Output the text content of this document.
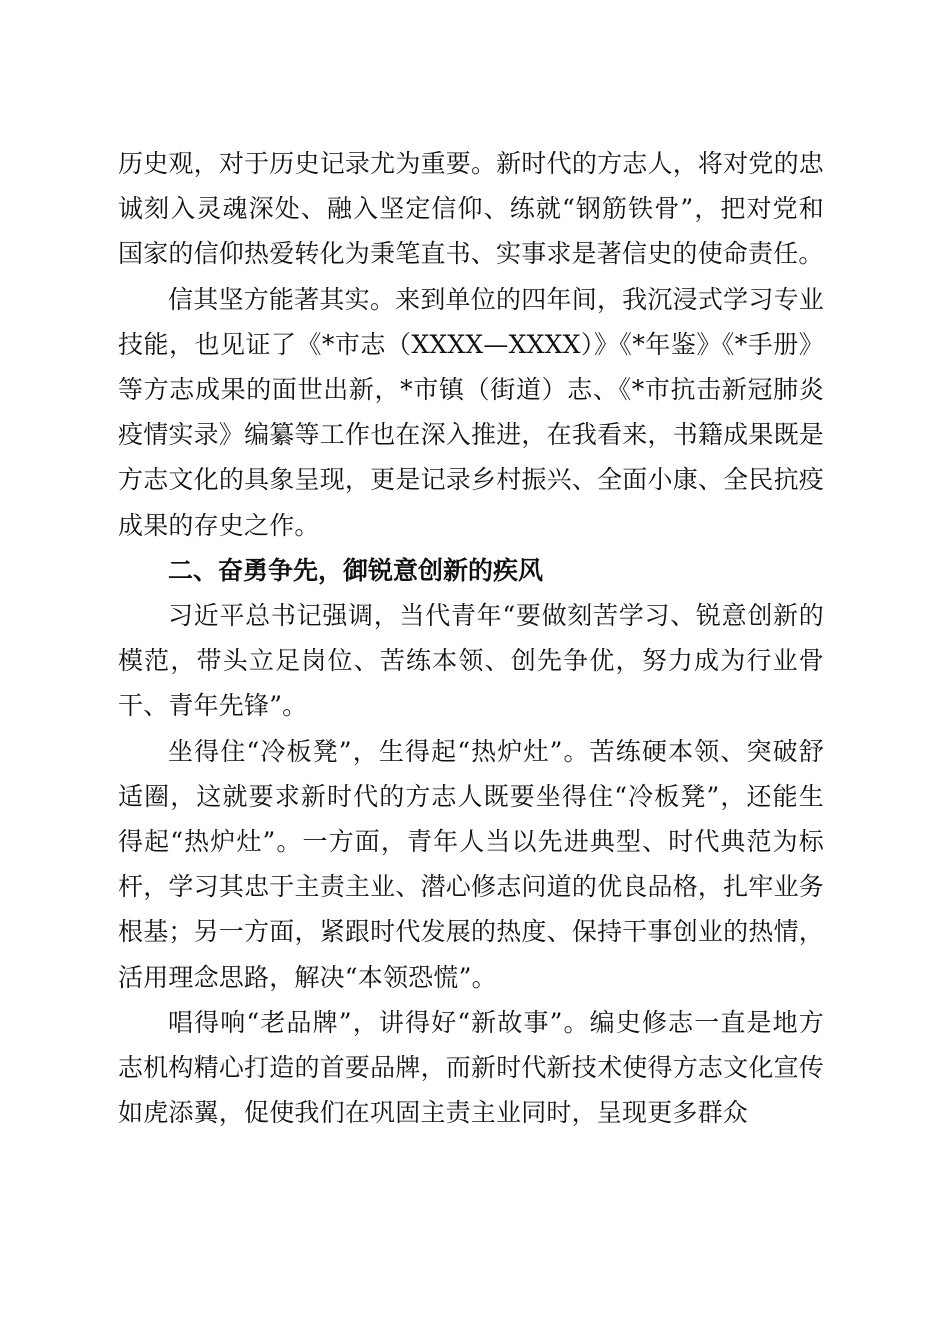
历史观，对于历史记录尤为重要。新时代的方志人，将对党的忠诚刻入灵魂深处、融入坚定信仰、练就“钢筋铁骨”，把对党和国家的信仰热爱转化为秉笔直书、实事求是著信史的使命责任。

信其坚方能著其实。来到单位的四年间，我沉浸式学习专业技能，也见证了《*市志（XXXX—XXXX）》《*年鉴》《*手册》等方志成果的面世出新，*市镇（街道）志、《*市抗击新冠肺炎疫情实录》编纂等工作也在深入推进，在我看来，书籍成果既是方志文化的具象呈现，更是记录乡村振兴、全面小康、全民抗疫成果的存史之作。

二、奋勇争先，御锐意创新的疾风

习近平总书记强调，当代青年“要做刻苦学习、锐意创新的模范，带头立足岗位、苦练本领、创先争优，努力成为行业骨干、青年先锋”。

坐得住“冷板凳”，生得起“热炉灶”。苦练硬本领、突破舒适圈，这就要求新时代的方志人既要坐得住“冷板凳”，还能生得起“热炉灶”。一方面，青年人当以先进典型、时代典范为标杆，学习其忠于主责主业、潜心修志问道的优良品格，扎牢业务根基；另一方面，紧跟时代发展的热度、保持干事创业的热情，活用理念思路，解决“本领恐慌”。

唱得响“老品牌”，讲得好“新故事”。编史修志一直是地方志机构精心打造的首要品牌，而新时代新技术使得方志文化宣传如虎添翼，促使我们在巩固主责主业同时，呈现更多群众
